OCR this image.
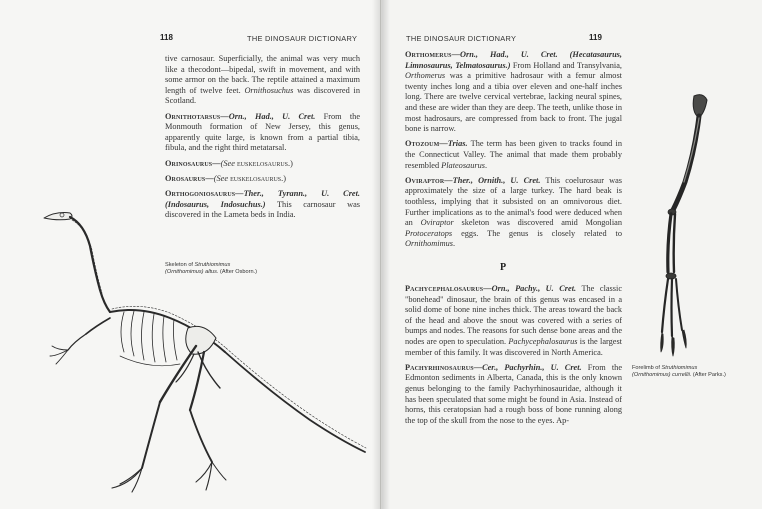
118	THE DINOSAUR DICTIONARY

tive carnosaur. Superficially, the animal was very much like a thecodont—bipedal, swift in movement, and with some armor on the back. The reptile attained a maximum length of twelve feet. Ornithosuchus was discovered in Scotland.

Ornithotarsus—Orn., Had., U. Cret. From the Monmouth formation of New Jersey, this genus, apparently quite large, is known from a partial tibia, fibula, and the right third metatarsal.

Orinosaurus—(See euskelosaurus.)

Orosaurus—(See euskelosaurus.)

Orthogoniosaurus—Ther., Tyrann., U. Cret. (Indosaurus, Indosuchus.) This carnosaur was discovered in the Lameta beds in India.

Skeleton of Struthiomimus (Ornithomimus) altus. (After Osborn.)
THE DINOSAUR DICTIONARY	119

Orthomerus—Orn., Had., U. Cret. (Hecatasaurus, Limnosaurus, Telmatosaurus.) From Holland and Transylvania, Orthomerus was a primitive hadrosaur with a femur almost twenty inches long and a tibia over eleven and one-half inches long. There are twelve cervical vertebrae, lacking neural spines, and these are wider than they are deep. The teeth, unlike those in most hadrosaurs, are compressed from back to front. The jugal bone is narrow.

Otozoum—Trias. The term has been given to tracks found in the Connecticut Valley. The animal that made them probably resembled Plateosaurus.

Oviraptor—Ther., Ornith., U. Cret. This coelurosaur was approximately the size of a large turkey. The hard beak is toothless, implying that it subsisted on an omnivorous diet. Further implications as to the animal's food were deduced when an Oviraptor skeleton was discovered amid Mongolian Protoceratops eggs. The genus is closely related to Ornithomimus.

P

Pachycephalosaurus—Orn., Pachy., U. Cret. The classic "bonehead" dinosaur, the brain of this genus was encased in a solid dome of bone nine inches thick. The areas toward the back of the head and above the snout was covered with a series of bumps and nodes. The reasons for such dense bone areas and the nodes are open to speculation. Pachycephalosaurus is the largest member of this family. It was discovered in North America.

Pachyrhinosaurus—Cer., Pachyrhin., U. Cret. From the Edmonton sediments in Alberta, Canada, this is the only known genus belonging to the family Pachyrhinosauridae, although it has been speculated that some might be found in Asia. Instead of horns, this ceratopsian had a rough boss of bone running along the top of the skull from the nose to the eyes. Ap-

Forelimb of Struthiomimus (Ornithomimus) currellii. (After Parks.)
